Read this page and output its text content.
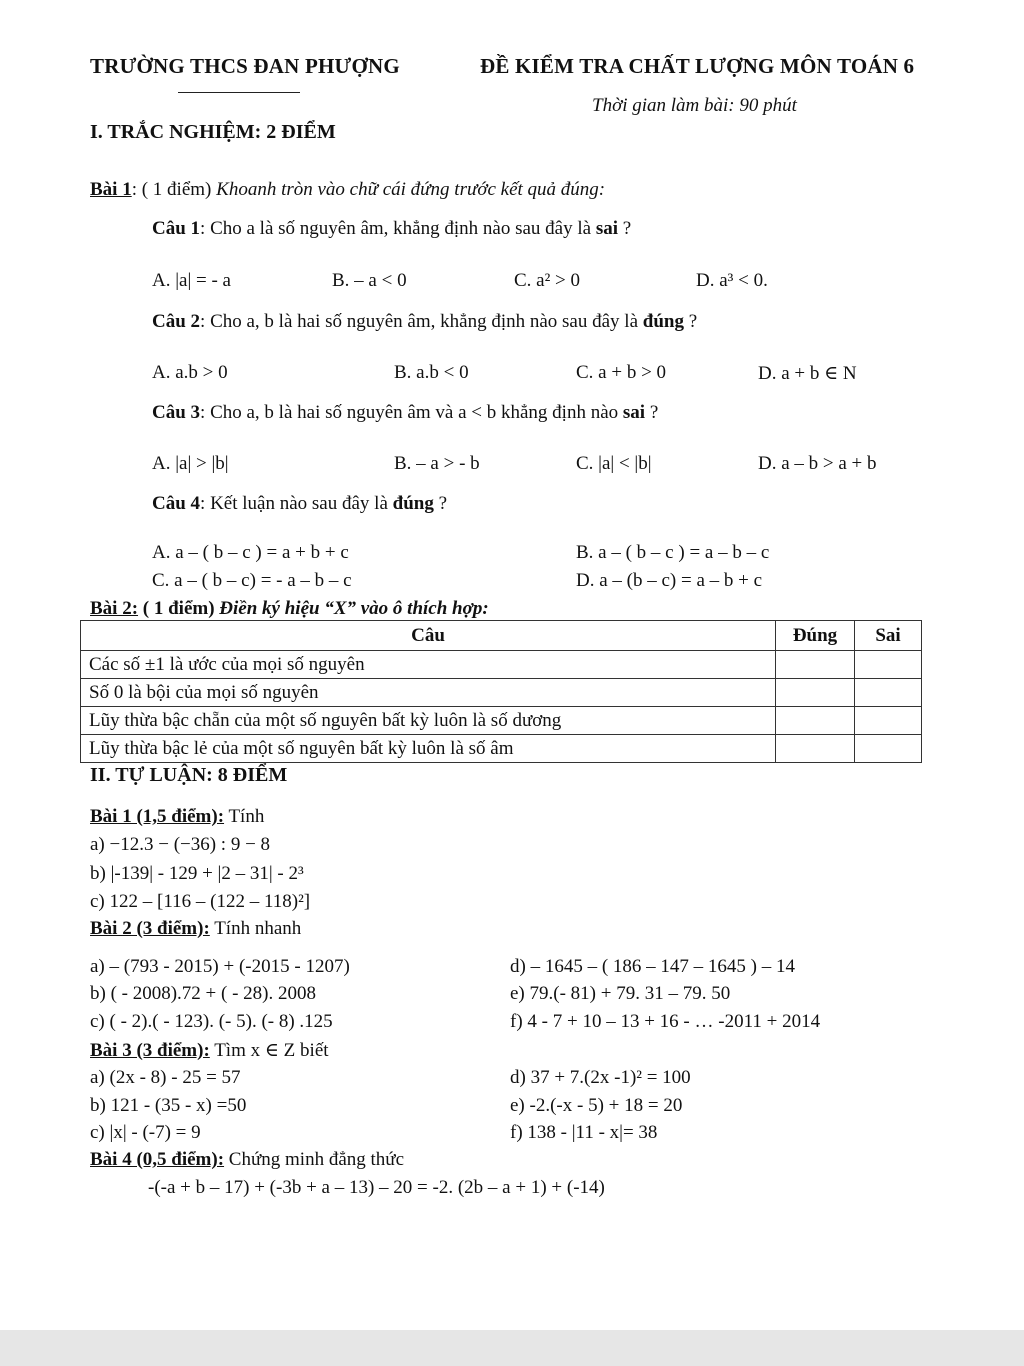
TRƯỜNG THCS ĐAN PHƯỢNG	ĐỀ KIỂM TRA CHẤT LƯỢNG MÔN TOÁN 6
Thời gian làm bài: 90 phút
I. TRẮC NGHIỆM: 2 ĐIỂM
Bài 1: ( 1 điểm) Khoanh tròn vào chữ cái đứng trước kết quả đúng:
Câu 1: Cho a là số nguyên âm, khẳng định nào sau đây là sai ?
A. |a| = - a	B. – a < 0	C. a² > 0	D. a³ < 0.
Câu 2: Cho a, b là hai số nguyên âm, khẳng định nào sau đây là đúng ?
A. a.b > 0	B. a.b < 0	C. a + b > 0	D. a + b ∈ N
Câu 3: Cho a, b là hai số nguyên âm và a < b khẳng định nào sai ?
A. |a| > |b|	B. – a > - b	C. |a| < |b|	D. a – b > a + b
Câu 4: Kết luận nào sau đây là đúng ?
A. a – ( b – c ) = a + b + c	B. a – ( b – c ) = a – b – c
C. a – ( b – c) = - a – b – c	D. a – (b – c) = a – b + c
Bài 2: ( 1 điểm) Điền ký hiệu “X” vào ô thích hợp:
Câu	Đúng	Sai
Các số ±1 là ước của mọi số nguyên		
Số 0 là bội của mọi số nguyên		
Lũy thừa bậc chẵn của một số nguyên bất kỳ luôn là số dương		
Lũy thừa bậc lẻ của một số nguyên bất kỳ luôn là số âm		
II. TỰ LUẬN: 8 ĐIỂM
Bài 1 (1,5 điểm): Tính
a) −12.3 − (−36) : 9 − 8
b) |-139| - 129 + |2 – 31| - 2³
c) 122 – [116 – (122 – 118)²]
Bài 2 (3 điểm): Tính nhanh
a) – (793 - 2015) + (-2015 - 1207)
b) ( - 2008).72 + ( - 28). 2008
c) ( - 2).( - 123). (- 5). (- 8) .125
d) – 1645 – ( 186 – 147 – 1645 ) – 14
e) 79.(- 81) + 79. 31 – 79. 50
f) 4 - 7 + 10 – 13 + 16 - … -2011 + 2014
Bài 3 (3 điểm): Tìm x ∈ Z biết
a) (2x - 8) - 25 = 57
b) 121 - (35 - x) =50
c) |x| - (-7) = 9
d) 37 + 7.(2x -1)² = 100
e) -2.(-x - 5) + 18 = 20
f) 138 - |11 - x|= 38
Bài 4 (0,5 điểm): Chứng minh đẳng thức
-(-a + b – 17) + (-3b + a – 13) – 20 = -2. (2b – a + 1) + (-14)
